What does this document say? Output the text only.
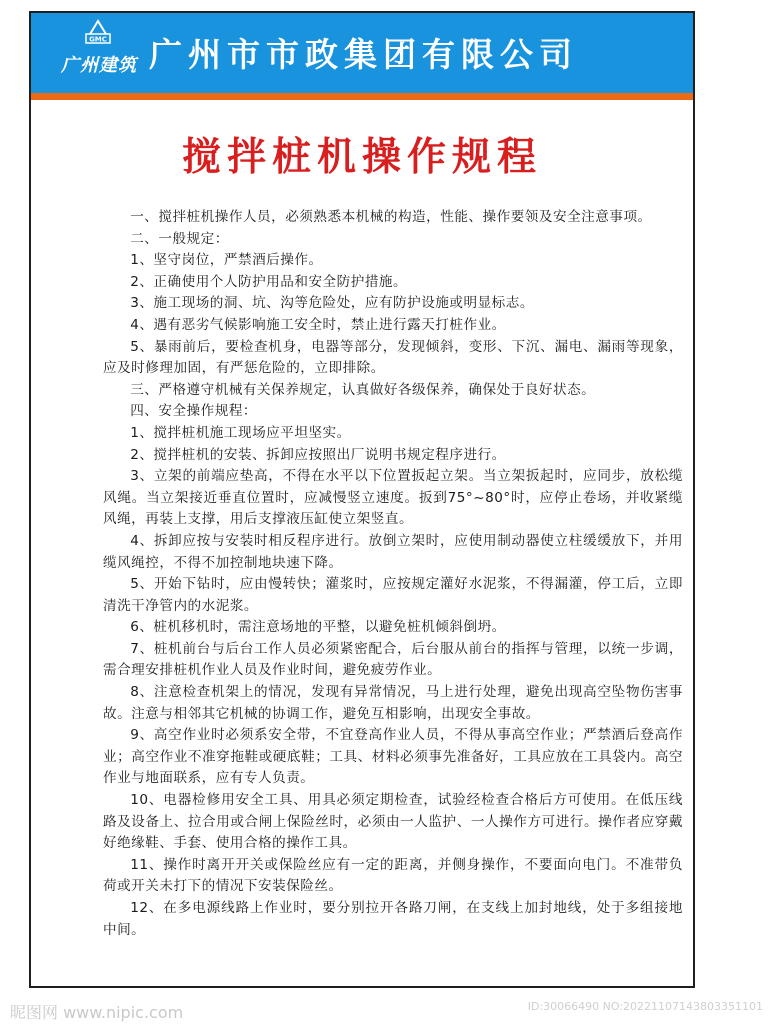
GMC
广州建筑 广州市市政集团有限公司
搅拌桩机操作规程

一、搅拌桩机操作人员，必须熟悉本机械的构造，性能、操作要领及安全注意事项。

二、一般规定：

1、坚守岗位，严禁酒后操作。

2、正确使用个人防护用品和安全防护措施。

3、施工现场的洞、坑、沟等危险处，应有防护设施或明显标志。

4、遇有恶劣气候影响施工安全时，禁止进行露天打桩作业。

5、暴雨前后，要检查机身，电器等部分，发现倾斜，变形、下沉、漏电、漏雨等现象，应及时修理加固，有严惩危险的，立即排除。

三、严格遵守机械有关保养规定，认真做好各级保养，确保处于良好状态。

四、安全操作规程：

1、搅拌桩机施工现场应平坦坚实。

2、搅拌桩机的安装、拆卸应按照出厂说明书规定程序进行。

3、立架的前端应垫高，不得在水平以下位置扳起立架。当立架扳起时，应同步，放松缆风绳。当立架接近垂直位置时，应减慢竖立速度。扳到75°~80°时，应停止卷场，并收紧缆风绳，再装上支撑，用后支撑液压缸使立架竖直。

4、拆卸应按与安装时相反程序进行。放倒立架时，应使用制动器使立柱缓缓放下，并用缆风绳控，不得不加控制地块速下降。

5、开始下钻时，应由慢转快；灌浆时，应按规定灌好水泥浆，不得漏灌，停工后，立即清洗干净管内的水泥浆。

6、桩机移机时，需注意场地的平整，以避免桩机倾斜倒坍。

7、桩机前台与后台工作人员必须紧密配合，后台服从前台的指挥与管理，以统一步调，需合理安排桩机作业人员及作业时间，避免疲劳作业。

8、注意检查机架上的情况，发现有异常情况，马上进行处理，避免出现高空坠物伤害事故。注意与相邻其它机械的协调工作，避免互相影响，出现安全事故。

9、高空作业时必须系安全带，不宜登高作业人员，不得从事高空作业；严禁酒后登高作业；高空作业不准穿拖鞋或硬底鞋；工具、材料必须事先准备好，工具应放在工具袋内。高空作业与地面联系，应有专人负责。

10、电器检修用安全工具、用具必须定期检查，试验经检查合格后方可使用。在低压线路及设备上、拉合用或合闸上保险丝时，必须由一人监护、一人操作方可进行。操作者应穿戴好绝缘鞋、手套、使用合格的操作工具。

11、操作时离开开关或保险丝应有一定的距离，并侧身操作，不要面向电门。不准带负荷或开关未打下的情况下安装保险丝。

12、在多电源线路上作业时，要分别拉开各路刀闸，在支线上加封地线，处于多组接地中间。

昵图网 www.nipic.com	ID:30066490 NO:20221107143803351101
